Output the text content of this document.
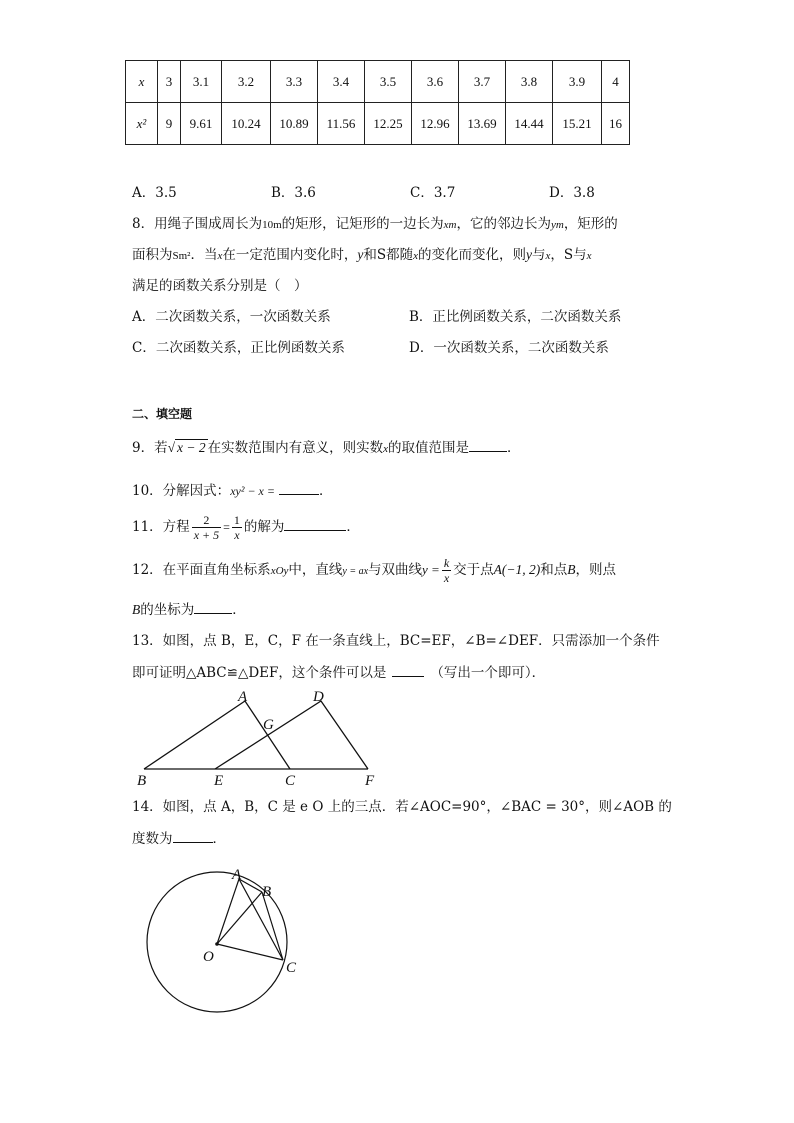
x	3	3.1	3.2	3.3	3.4	3.5	3.6	3.7	3.8	3.9	4
x²	9	9.61	10.24	10.89	11.56	12.25	12.96	13.69	14.44	15.21	16
A．3.5	B．3.6	C．3.7	D．3.8
8．用绳子围成周长为10m的矩形，记矩形的一边长为xm，它的邻边长为ym，矩形的
面积为Sm²．当x在一定范围内变化时，y和S都随x的变化而变化，则y与x，S与x
满足的函数关系分别是（　）
A．二次函数关系，一次函数关系	B．正比例函数关系，二次函数关系
C．二次函数关系，正比例函数关系	D．一次函数关系，二次函数关系
二、填空题
9．若√ x − 2 在实数范围内有意义，则实数x的取值范围是	．
10．分解因式：xy² − x =	．
11．方程 $\frac{2}{x + 5} = \frac{1}{x}$ 的解为	．
12．在平面直角坐标系xOy中，直线y = ax与双曲线$y = \frac{k}{x}$ 交于点A(−1, 2)和点B，则点
B的坐标为	．
13．如图，点 B，E，C，F 在一条直线上，BC=EF，∠B=∠DEF．只需添加一个条件
即可证明△ABC≌△DEF，这个条件可以是	（写出一个即可）．
A	D
G
B	E	C	F
14．如图，点 A，B，C 是 e O 上的三点．若∠AOC=90°，∠BAC = 30°，则∠AOB 的
度数为	．
A
B
O
C
